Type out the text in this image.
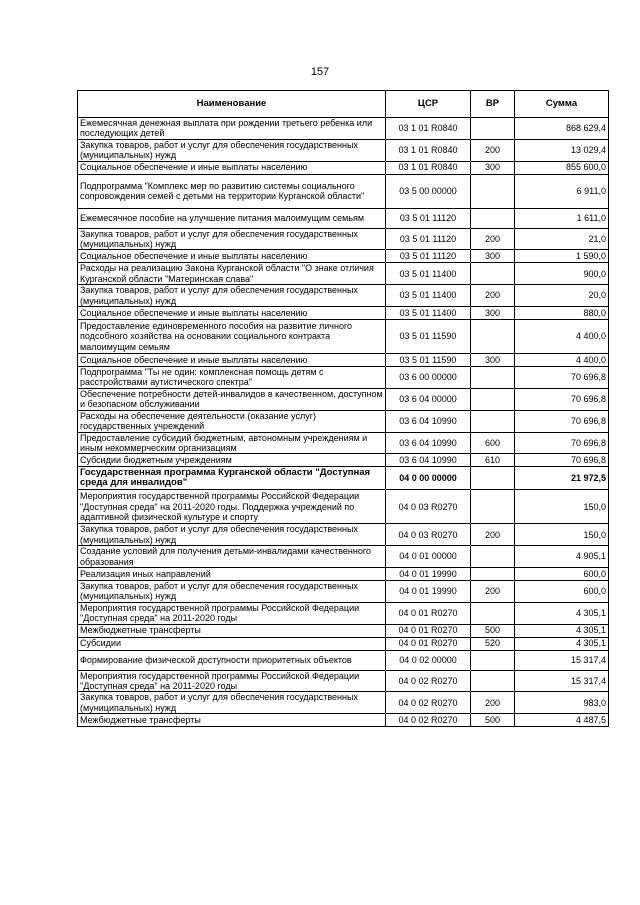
157
Наименование	ЦСР	ВР	Сумма
Ежемесячная денежная выплата при рождении третьего ребенка или последующих детей	03 1 01 R0840		868 629,4
Закупка товаров, работ и услуг для обеспечения государственных (муниципальных) нужд	03 1 01 R0840	200	13 029,4
Социальное обеспечение и иные выплаты населению	03 1 01 R0840	300	855 600,0
Подпрограмма "Комплекс мер по развитию системы социального сопровождения семей с детьми на территории Курганской области"	03 5 00 00000		6 911,0
Ежемесячное пособие на улучшение питания малоимущим семьям	03 5 01 11120		1 611,0
Закупка товаров, работ и услуг для обеспечения государственных (муниципальных) нужд	03 5 01 11120	200	21,0
Социальное обеспечение и иные выплаты населению	03 5 01 11120	300	1 590,0
Расходы на реализацию Закона Курганской области "О знаке отличия Курганской области "Материнская слава"	03 5 01 11400		900,0
Закупка товаров, работ и услуг для обеспечения государственных (муниципальных) нужд	03 5 01 11400	200	20,0
Социальное обеспечение и иные выплаты населению	03 5 01 11400	300	880,0
Предоставление единовременного пособия на развитие личного подсобного хозяйства на основании социального контракта малоимущим семьям	03 5 01 11590		4 400,0
Социальное обеспечение и иные выплаты населению	03 5 01 11590	300	4 400,0
Подпрограмма "Ты не один: комплексная помощь детям с расстройствами аутистического спектра"	03 6 00 00000		70 696,8
Обеспечение потребности детей-инвалидов в качественном, доступном и безопасном обслуживании	03 6 04 00000		70 696,8
Расходы на обеспечение деятельности (оказание услуг) государственных учреждений	03 6 04 10990		70 696,8
Предоставление субсидий бюджетным, автономным учреждениям и иным некоммерческим организациям	03 6 04 10990	600	70 696,8
Субсидии бюджетным учреждениям	03 6 04 10990	610	70 696,8
Государственная программа Курганской области "Доступная среда для инвалидов"	04 0 00 00000		21 972,5
Мероприятия государственной программы Российской Федерации "Доступная среда" на 2011-2020 годы. Поддержка учреждений по адаптивной физической культуре и спорту	04 0 03 R0270		150,0
Закупка товаров, работ и услуг для обеспечения государственных (муниципальных) нужд	04 0 03 R0270	200	150,0
Создание условий для получения детьми-инвалидами качественного образования	04 0 01 00000		4 905,1
Реализация иных направлений	04 0 01 19990		600,0
Закупка товаров, работ и услуг для обеспечения государственных (муниципальных) нужд	04 0 01 19990	200	600,0
Мероприятия государственной программы Российской Федерации "Доступная среда" на 2011-2020 годы	04 0 01 R0270		4 305,1
Межбюджетные трансферты	04 0 01 R0270	500	4 305,1
Субсидии	04 0 01 R0270	520	4 305,1
Формирование физической доступности приоритетных объектов	04 0 02 00000		15 317,4
Мероприятия государственной программы Российской Федерации "Доступная среда" на 2011-2020 годы	04 0 02 R0270		15 317,4
Закупка товаров, работ и услуг для обеспечения государственных (муниципальных) нужд	04 0 02 R0270	200	983,0
Межбюджетные трансферты	04 0 02 R0270	500	4 487,5
